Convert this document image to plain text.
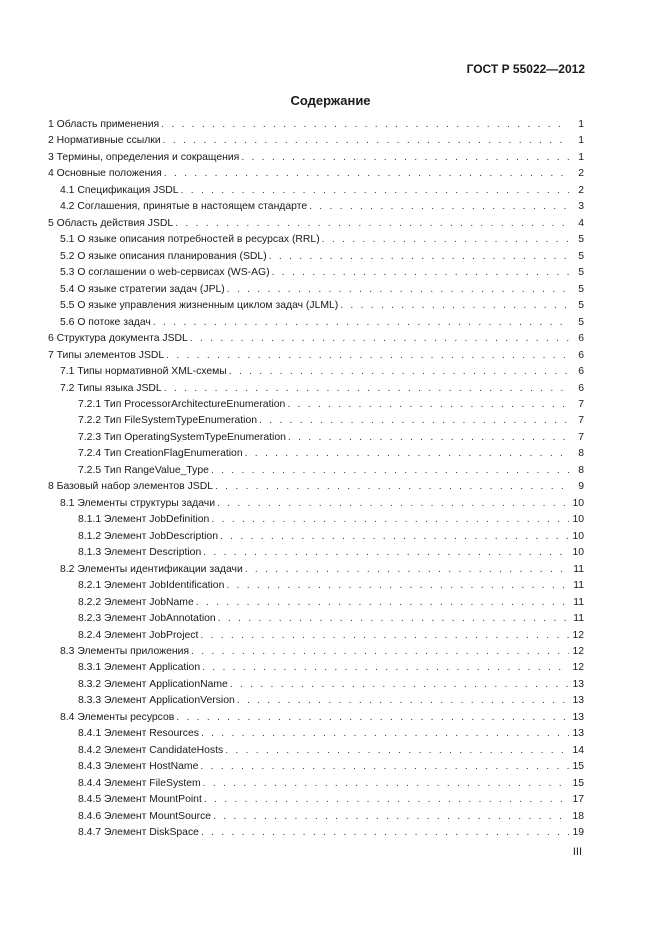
ГОСТ Р 55022—2012
Содержание
1 Область применения . . .	1
2 Нормативные ссылки . . .	1
3 Термины, определения и сокращения . . .	1
4 Основные положения . . .	2
4.1 Спецификация JSDL . . .	2
4.2 Соглашения, принятые в настоящем стандарте . . .	3
5 Область действия JSDL . . .	4
5.1 О языке описания потребностей в ресурсах (RRL) . . .	5
5.2 О языке описания планирования (SDL) . . .	5
5.3 О соглашении о web-сервисах (WS-AG) . . .	5
5.4 О языке стратегии задач (JPL) . . .	5
5.5 О языке управления жизненным циклом задач (JLML) . . .	5
5.6 О потоке задач . . .	5
6 Структура документа JSDL . . .	6
7 Типы элементов JSDL . . .	6
7.1 Типы нормативной XML-схемы . . .	6
7.2 Типы языка JSDL . . .	6
7.2.1 Тип ProcessorArchitectureEnumeration . . .	7
7.2.2 Тип FileSystemTypeEnumeration . . .	7
7.2.3 Тип OperatingSystemTypeEnumeration . . .	7
7.2.4 Тип CreationFlagEnumeration . . .	8
7.2.5 Тип RangeValue_Type . . .	8
8 Базовый набор элементов JSDL . . .	9
8.1 Элементы структуры задачи . . .	10
8.1.1 Элемент JobDefinition . . .	10
8.1.2 Элемент JobDescription . . .	10
8.1.3 Элемент Description . . .	10
8.2 Элементы идентификации задачи . . .	11
8.2.1 Элемент JobIdentification . . .	11
8.2.2 Элемент JobName . . .	11
8.2.3 Элемент JobAnnotation . . .	11
8.2.4 Элемент JobProject . . .	12
8.3 Элементы приложения . . .	12
8.3.1 Элемент Application . . .	12
8.3.2 Элемент ApplicationName . . .	13
8.3.3 Элемент ApplicationVersion . . .	13
8.4 Элементы ресурсов . . .	13
8.4.1 Элемент Resources . . .	13
8.4.2 Элемент CandidateHosts . . .	14
8.4.3 Элемент HostName . . .	15
8.4.4 Элемент FileSystem . . .	15
8.4.5 Элемент MountPoint . . .	17
8.4.6 Элемент MountSource . . .	18
8.4.7 Элемент DiskSpace . . .	19
III
